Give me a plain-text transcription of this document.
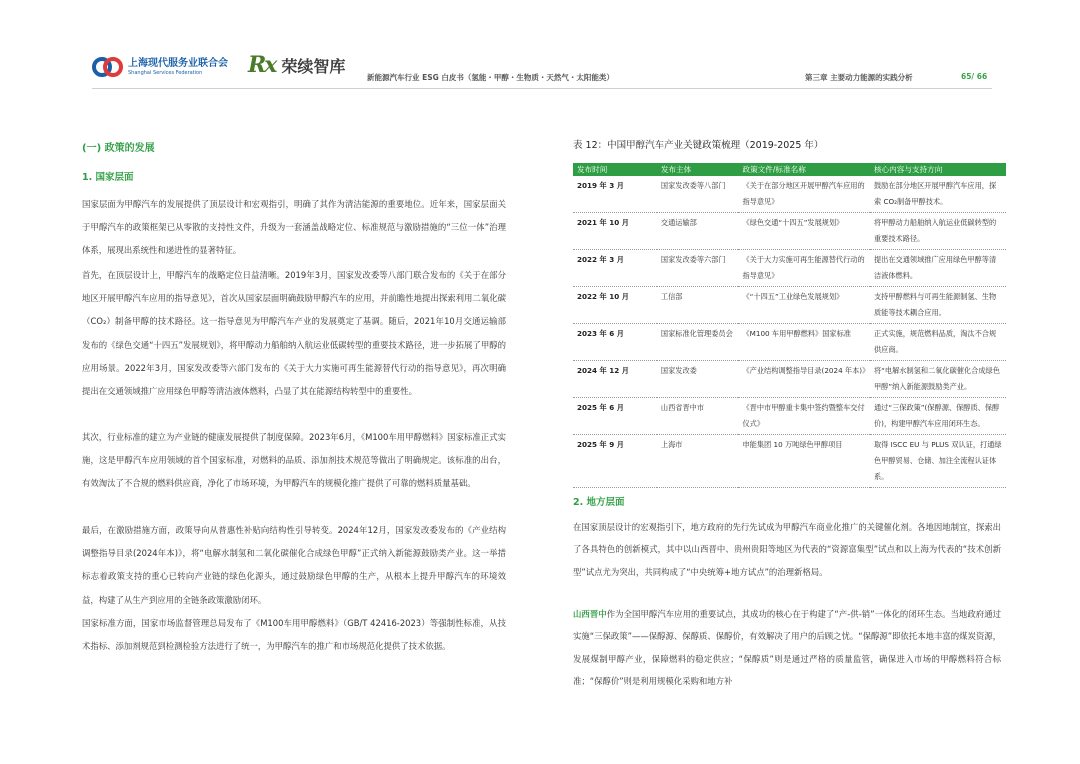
上海现代服务业联合会
Shanghai Services Federation	Rx 荣续智库
新能源汽车行业 ESG 白皮书（氢能・甲醇・生物质・天然气・太阳能类）	第三章 主要动力能源的实践分析	65/ 66
(一) 政策的发展
1. 国家层面

国家层面为甲醇汽车的发展提供了顶层设计和宏观指引，明确了其作为清洁能源的重要地位。近年来，国家层面关于甲醇汽车的政策框架已从零散的支持性文件，升级为一套涵盖战略定位、标准规范与激励措施的“三位一体”治理体系，展现出系统性和递进性的显著特征。

首先，在顶层设计上，甲醇汽车的战略定位日益清晰。2019年3月，国家发改委等八部门联合发布的《关于在部分地区开展甲醇汽车应用的指导意见》，首次从国家层面明确鼓励甲醇汽车的应用，并前瞻性地提出探索利用二氧化碳（CO₂）制备甲醇的技术路径。这一指导意见为甲醇汽车产业的发展奠定了基调。随后，2021年10月交通运输部发布的《绿色交通“十四五”发展规划》，将甲醇动力船舶纳入航运业低碳转型的重要技术路径，进一步拓展了甲醇的应用场景。2022年3月，国家发改委等六部门发布的《关于大力实施可再生能源替代行动的指导意见》，再次明确提出在交通领域推广应用绿色甲醇等清洁液体燃料，凸显了其在能源结构转型中的重要性。

其次，行业标准的建立为产业链的健康发展提供了制度保障。2023年6月，《M100车用甲醇燃料》国家标准正式实施，这是甲醇汽车应用领域的首个国家标准，对燃料的品质、添加剂技术规范等做出了明确规定。该标准的出台，有效淘汰了不合规的燃料供应商，净化了市场环境，为甲醇汽车的规模化推广提供了可靠的燃料质量基础。

最后，在激励措施方面，政策导向从普惠性补贴向结构性引导转变。2024年12月，国家发改委发布的《产业结构调整指导目录(2024年本)》，将“电解水制氢和二氧化碳催化合成绿色甲醇”正式纳入新能源鼓励类产业。这一举措标志着政策支持的重心已转向产业链的绿色化源头，通过鼓励绿色甲醇的生产，从根本上提升甲醇汽车的环境效益，构建了从生产到应用的全链条政策激励闭环。

国家标准方面，国家市场监督管理总局发布了《M100车用甲醇燃料》（GB/T 42416-2023）等强制性标准，从技术指标、添加剂规范到检测检验方法进行了统一，为甲醇汽车的推广和市场规范化提供了技术依据。

表 12：中国甲醇汽车产业关键政策梳理（2019-2025 年）
发布时间	发布主体	政策文件/标准名称	核心内容与支持方向
2019 年 3 月	国家发改委等八部门	《关于在部分地区开展甲醇汽车应用的指导意见》	鼓励在部分地区开展甲醇汽车应用，探索 CO₂制备甲醇技术。
2021 年 10 月	交通运输部	《绿色交通“十四五”发展规划》	将甲醇动力船舶纳入航运业低碳转型的重要技术路径。
2022 年 3 月	国家发改委等六部门	《关于大力实施可再生能源替代行动的指导意见》	提出在交通领域推广应用绿色甲醇等清洁液体燃料。
2022 年 10 月	工信部	《“十四五”工业绿色发展规划》	支持甲醇燃料与可再生能源制氢、生物质能等技术耦合应用。
2023 年 6 月	国家标准化管理委员会	《M100 车用甲醇燃料》国家标准	正式实施，规范燃料品质，淘汰不合规供应商。
2024 年 12 月	国家发改委	《产业结构调整指导目录(2024 年本)》	将“电解水制氢和二氧化碳催化合成绿色甲醇”纳入新能源鼓励类产业。
2025 年 6 月	山西省晋中市	《晋中市甲醇重卡集中签约暨整车交付仪式》	通过“三保政策”(保醇源、保醇质、保醇价)，构建甲醇汽车应用闭环生态。
2025 年 9 月	上海市	申能集团 10 万吨绿色甲醇项目	取得 ISCC EU 与 PLUS 双认证，打通绿色甲醇贸易、仓储、加注全流程认证体系。
2. 地方层面

在国家顶层设计的宏观指引下，地方政府的先行先试成为甲醇汽车商业化推广的关键催化剂。各地因地制宜，探索出了各具特色的创新模式，其中以山西晋中、贵州贵阳等地区为代表的“资源富集型”试点和以上海为代表的“技术创新型”试点尤为突出，共同构成了“中央统筹+地方试点”的治理新格局。

山西晋中作为全国甲醇汽车应用的重要试点，其成功的核心在于构建了“产-供-销”一体化的闭环生态。当地政府通过实施“三保政策”——保醇源、保醇质、保醇价，有效解决了用户的后顾之忧。“保醇源”即依托本地丰富的煤炭资源，发展煤制甲醇产业，保障燃料的稳定供应；“保醇质”则是通过严格的质量监管，确保进入市场的甲醇燃料符合标准；“保醇价”则是利用规模化采购和地方补
